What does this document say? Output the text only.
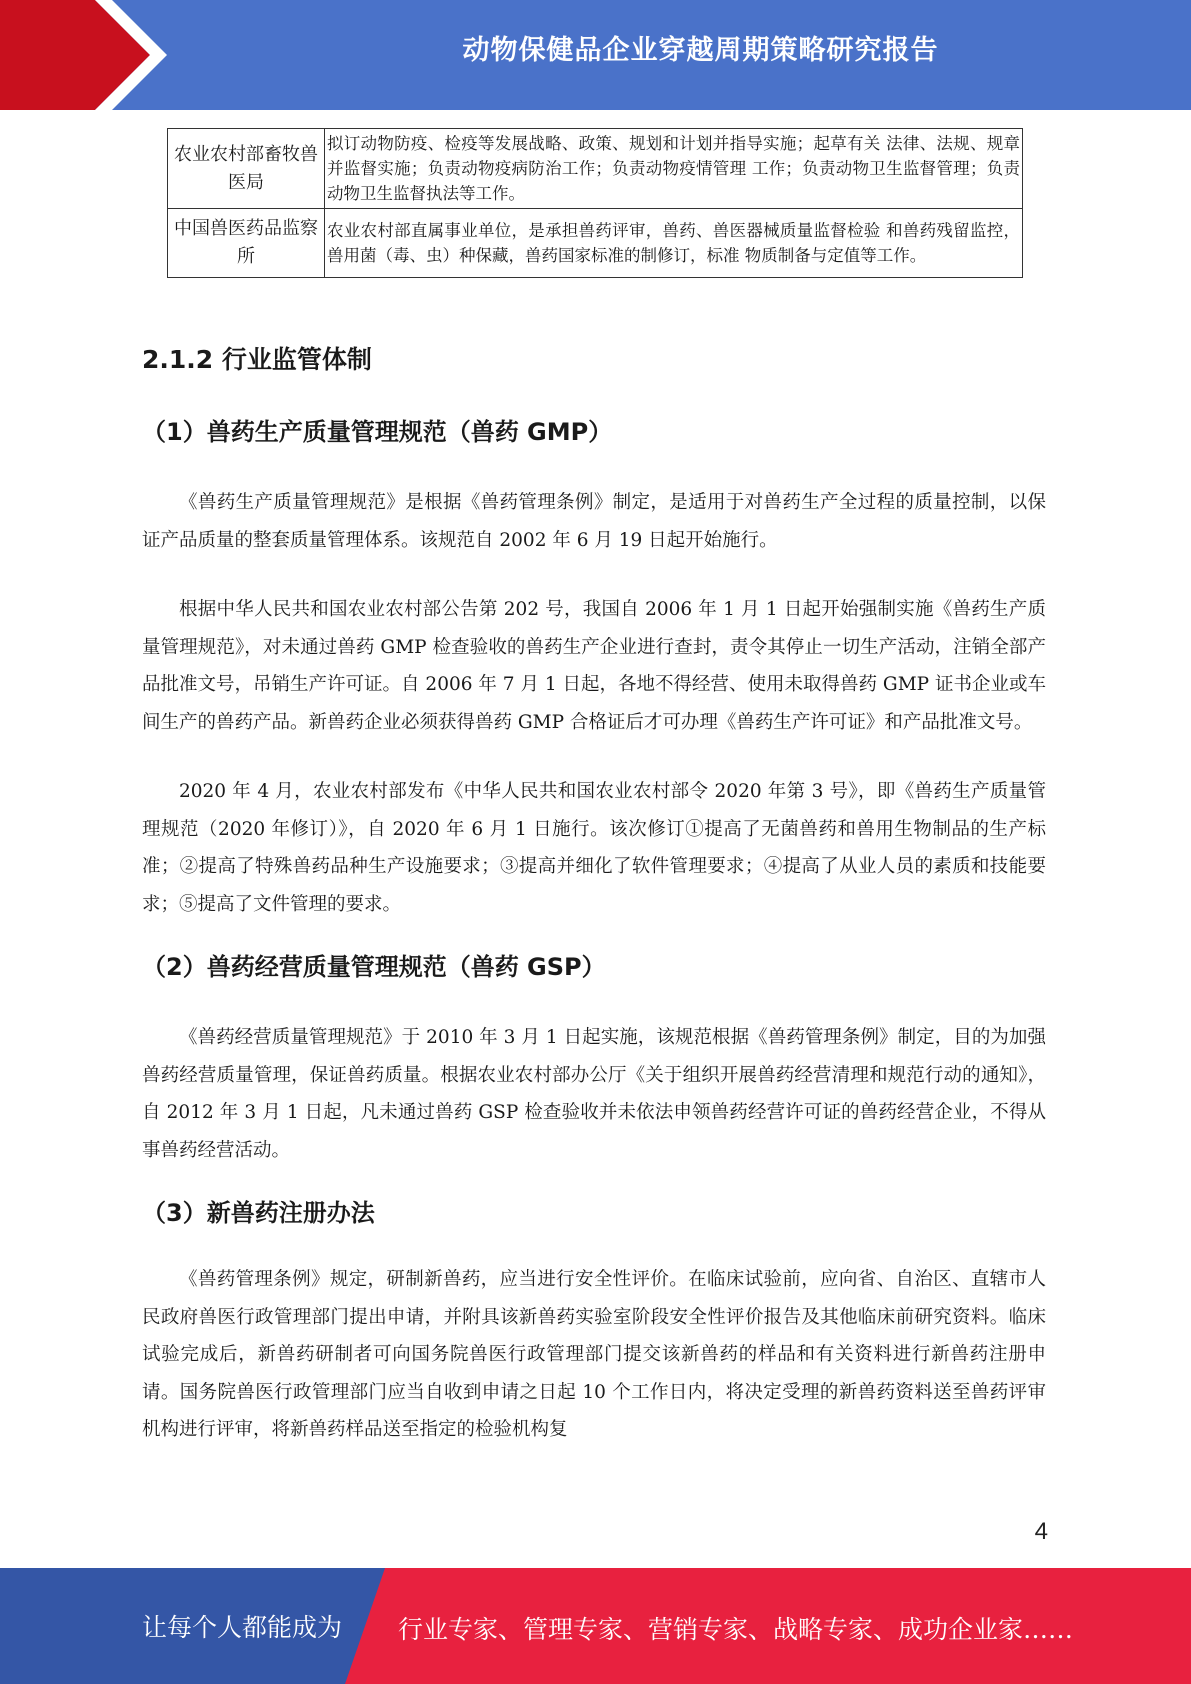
动物保健品企业穿越周期策略研究报告
农业农村部畜牧兽医局	拟订动物防疫、检疫等发展战略、政策、规划和计划并指导实施；起草有关 法律、法规、规章并监督实施；负责动物疫病防治工作；负责动物疫情管理 工作；负责动物卫生监督管理；负责动物卫生监督执法等工作。
中国兽医药品监察所	农业农村部直属事业单位，是承担兽药评审，兽药、兽医器械质量监督检验 和兽药残留监控，兽用菌（毒、虫）种保藏，兽药国家标准的制修订，标准 物质制备与定值等工作。
2.1.2 行业监管体制
（1）兽药生产质量管理规范（兽药 GMP）

《兽药生产质量管理规范》是根据《兽药管理条例》制定，是适用于对兽药生产全过程的质量控制，以保证产品质量的整套质量管理体系。该规范自 2002 年 6 月 19 日起开始施行。

根据中华人民共和国农业农村部公告第 202 号，我国自 2006 年 1 月 1 日起开始强制实施《兽药生产质量管理规范》，对未通过兽药 GMP 检查验收的兽药生产企业进行查封，责令其停止一切生产活动，注销全部产品批准文号，吊销生产许可证。自 2006 年 7 月 1 日起，各地不得经营、使用未取得兽药 GMP 证书企业或车间生产的兽药产品。新兽药企业必须获得兽药 GMP 合格证后才可办理《兽药生产许可证》和产品批准文号。

2020 年 4 月，农业农村部发布《中华人民共和国农业农村部令 2020 年第 3 号》，即《兽药生产质量管理规范（2020 年修订）》，自 2020 年 6 月 1 日施行。该次修订①提高了无菌兽药和兽用生物制品的生产标准；②提高了特殊兽药品种生产设施要求；③提高并细化了软件管理要求；④提高了从业人员的素质和技能要求；⑤提高了文件管理的要求。

（2）兽药经营质量管理规范（兽药 GSP）

《兽药经营质量管理规范》于 2010 年 3 月 1 日起实施，该规范根据《兽药管理条例》制定，目的为加强兽药经营质量管理，保证兽药质量。根据农业农村部办公厅《关于组织开展兽药经营清理和规范行动的通知》，自 2012 年 3 月 1 日起，凡未通过兽药 GSP 检查验收并未依法申领兽药经营许可证的兽药经营企业，不得从事兽药经营活动。

（3）新兽药注册办法

《兽药管理条例》规定，研制新兽药，应当进行安全性评价。在临床试验前，应向省、自治区、直辖市人民政府兽医行政管理部门提出申请，并附具该新兽药实验室阶段安全性评价报告及其他临床前研究资料。临床试验完成后，新兽药研制者可向国务院兽医行政管理部门提交该新兽药的样品和有关资料进行新兽药注册申请。国务院兽医行政管理部门应当自收到申请之日起 10 个工作日内，将决定受理的新兽药资料送至兽药评审机构进行评审，将新兽药样品送至指定的检验机构复

4
让每个人都能成为 行业专家、管理专家、营销专家、战略专家、成功企业家……
